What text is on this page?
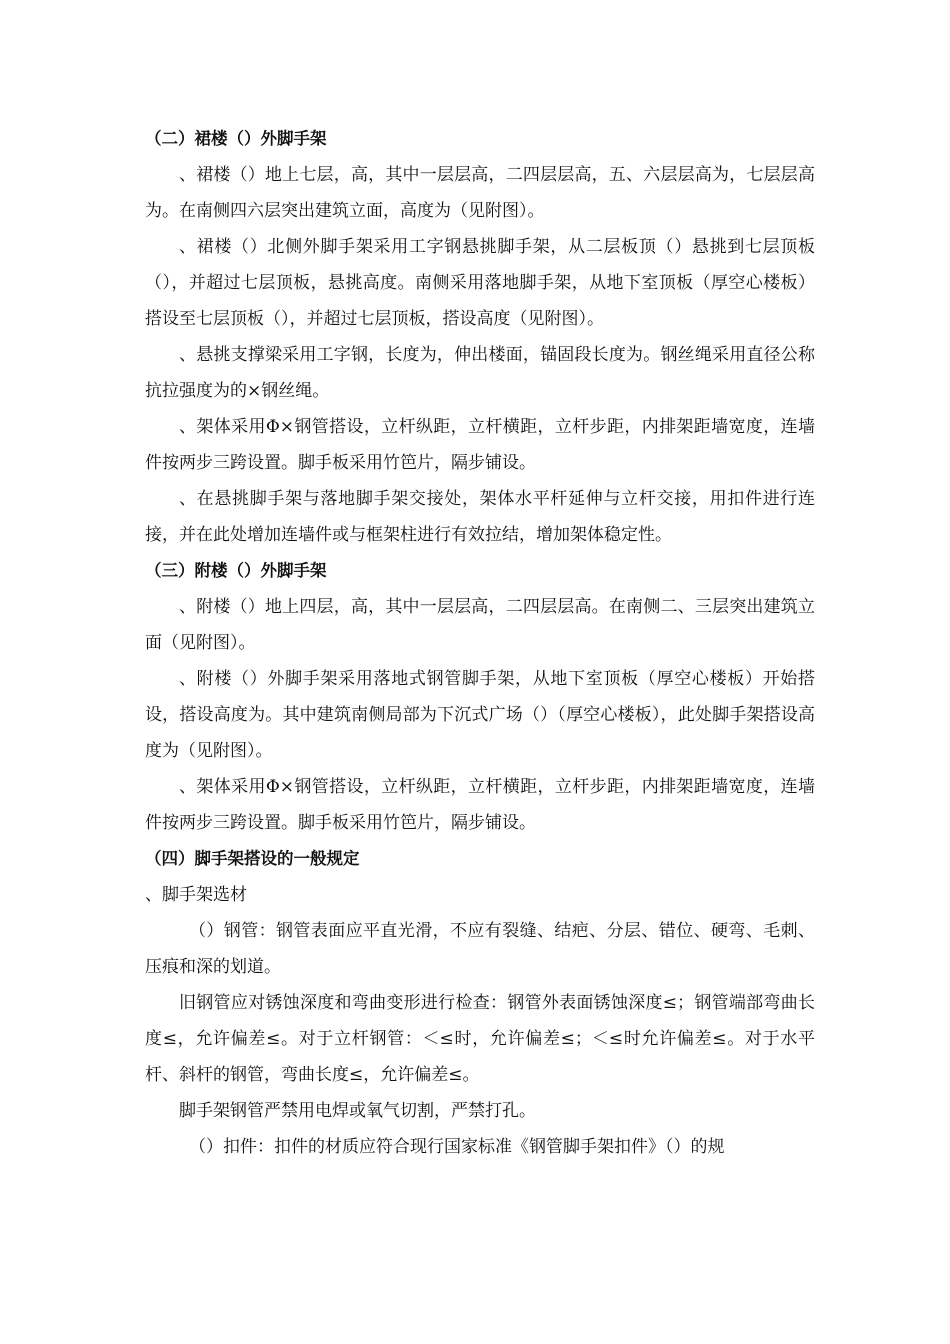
（二）裙楼（）外脚手架

、裙楼（）地上七层，高，其中一层层高，二四层层高，五、六层层高为，七层层高为。在南侧四六层突出建筑立面，高度为（见附图）。

、裙楼（）北侧外脚手架采用工字钢悬挑脚手架，从二层板顶（）悬挑到七层顶板（），并超过七层顶板，悬挑高度。南侧采用落地脚手架，从地下室顶板（厚空心楼板）搭设至七层顶板（），并超过七层顶板，搭设高度（见附图）。

、悬挑支撑梁采用工字钢，长度为，伸出楼面，锚固段长度为。钢丝绳采用直径公称抗拉强度为的×钢丝绳。

、架体采用Φ×钢管搭设，立杆纵距，立杆横距，立杆步距，内排架距墙宽度，连墙件按两步三跨设置。脚手板采用竹笆片，隔步铺设。

、在悬挑脚手架与落地脚手架交接处，架体水平杆延伸与立杆交接，用扣件进行连接，并在此处增加连墙件或与框架柱进行有效拉结，增加架体稳定性。

（三）附楼（）外脚手架

、附楼（）地上四层，高，其中一层层高，二四层层高。在南侧二、三层突出建筑立面（见附图）。

、附楼（）外脚手架采用落地式钢管脚手架，从地下室顶板（厚空心楼板）开始搭设，搭设高度为。其中建筑南侧局部为下沉式广场（）（厚空心楼板），此处脚手架搭设高度为（见附图）。

、架体采用Φ×钢管搭设，立杆纵距，立杆横距，立杆步距，内排架距墙宽度，连墙件按两步三跨设置。脚手板采用竹笆片，隔步铺设。

（四）脚手架搭设的一般规定

、脚手架选材

（）钢管：钢管表面应平直光滑，不应有裂缝、结疤、分层、错位、硬弯、毛刺、压痕和深的划道。

旧钢管应对锈蚀深度和弯曲变形进行检查：钢管外表面锈蚀深度≤；钢管端部弯曲长度≤，允许偏差≤。对于立杆钢管：＜≤时，允许偏差≤；＜≤时允许偏差≤。对于水平杆、斜杆的钢管，弯曲长度≤，允许偏差≤。

脚手架钢管严禁用电焊或氧气切割，严禁打孔。

（）扣件：扣件的材质应符合现行国家标准《钢管脚手架扣件》（）的规
